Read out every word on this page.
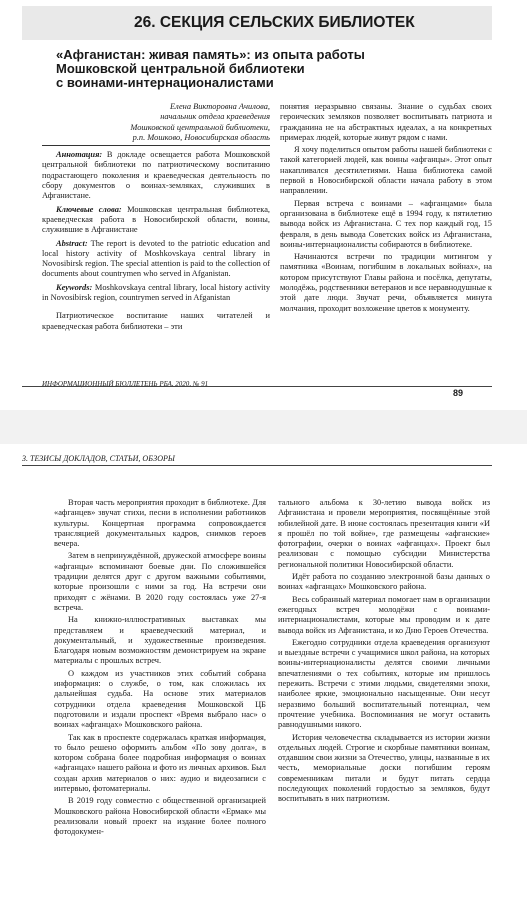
26. СЕКЦИЯ СЕЛЬСКИХ БИБЛИОТЕК
«Афганистан: живая память»: из опыта работы
Мошковской центральной библиотеки
с воинами-интернационалистами
Елена Викторовна Ачилова,
начальник отдела краеведения
Мошковской центральной библиотеки,
р.п. Мошково, Новосибирская область

Аннотация: В докладе освещается работа Мошковской центральной библиотеки по патриотическому воспитанию подрастающего поколения и краеведческая деятельность по сбору документов о воинах-земляках, служивших в Афганистане.

Ключевые слова: Мошковская центральная библиотека, краеведческая работа в Новосибирской области, воины, служившие в Афганистане

Abstract: The report is devoted to the patriotic education and local history activity of Moshkovskaya central library in Novosibirsk region. The special attention is paid to the collection of documents about countrymen who served in Afganistan.

Keywords: Moshkovskaya central library, local history activity in Novosibirsk region, countrymen served in Afganistan

Патриотическое воспитание наших читателей и краеведческая работа библиотеки – эти

понятия неразрывно связаны. Знание о судьбах своих героических земляков позволяет воспитывать патриота и гражданина не на абстрактных идеалах, а на конкретных примерах людей, которые живут рядом с нами.

Я хочу поделиться опытом работы нашей библиотеки с такой категорией людей, как воины «афганцы». Этот опыт накапливался десятилетиями. Наша библиотека самой первой в Новосибирской области начала работу в этом направлении.

Первая встреча с воинами – «афганцами» была организована в библиотеке ещё в 1994 году, к пятилетию вывода войск из Афганистана. С тех пор каждый год, 15 февраля, в день вывода Советских войск из Афганистана, воины-интернационалисты собираются в библиотеке.

Начинаются встречи по традиции митингом у памятника «Воинам, погибшим в локальных войнах», на котором присутствуют Главы района и посёлка, депутаты, молодёжь, родственники ветеранов и все неравнодушные к этой дате люди. Звучат речи, объявляется минута молчания, проходит возложение цветов к монументу.

ИНФОРМАЦИОННЫЙ БЮЛЛЕТЕНЬ РБА, 2020, № 91
89
3. ТЕЗИСЫ ДОКЛАДОВ, СТАТЬИ, ОБЗОРЫ

Вторая часть мероприятия проходит в библиотеке. Для «афганцев» звучат стихи, песни в исполнении работников культуры. Концертная программа сопровождается трансляцией документальных кадров, снимков героев вечера.

Затем в непринуждённой, дружеской атмосфере воины «афганцы» вспоминают боевые дни. По сложившейся традиции делятся друг с другом важными событиями, которые произошли с ними за год. На встречи они приходят с жёнами. В 2020 году состоялась уже 27-я встреча.

На книжно-иллюстративных выставках мы представляем и краеведческий материал, и документальный, и художественные произведения. Благодаря новым возможностям демонстрируем на экране материалы с прошлых встреч.

О каждом из участников этих событий собрана информация: о службе, о том, как сложилась их дальнейшая судьба. На основе этих материалов сотрудники отдела краеведения Мошковской ЦБ подготовили и издали проспект «Время выбрало нас» о воинах «афганцах» Мошковского района.

Так как в проспекте содержалась краткая информация, то было решено оформить альбом «По зову долга», в котором собрана более подробная информация о воинах «афганцах» нашего района и фото из личных архивов. Был создан архив материалов о них: аудио и видеозаписи с интервью, фотоматериалы.

В 2019 году совместно с общественной организацией Мошковского района Новосибирской области «Ермак» мы реализовали новый проект на издание более полного фотодокумен-

тального альбома к 30-летию вывода войск из Афганистана и провели мероприятия, посвящённые этой юбилейной дате. В июне состоялась презентация книги «И я прошёл по той войне», где размещены «афганские» фотографии, очерки о воинах «афганцах». Проект был реализован с помощью субсидии Министерства региональной политики Новосибирской области.

Идёт работа по созданию электронной базы данных о воинах «афганцах» Мошковского района.

Весь собранный материал помогает нам в организации ежегодных встреч молодёжи с воинами-интернационалистами, которые мы проводим и к дате вывода войск из Афганистана, и ко Дню Героев Отечества.

Ежегодно сотрудники отдела краеведения организуют и выездные встречи с учащимися школ района, на которых воины-интернационалисты делятся своими личными впечатлениями о тех событиях, которые им пришлось пережить. Встречи с этими людьми, свидетелями эпохи, наиболее яркие, эмоционально насыщенные. Они несут неразвимо больший воспитательный потенциал, чем прочтение учебника. Воспоминания не могут оставить равнодушными никого.

История человечества складывается из истории жизни отдельных людей. Строгие и скорбные памятники воинам, отдавшим свои жизни за Отечество, улицы, названные в их честь, мемориальные доски погибшим героям современникам питали и будут питать сердца последующих поколений гордостью за земляков, будут воспитывать в них патриотизм.
